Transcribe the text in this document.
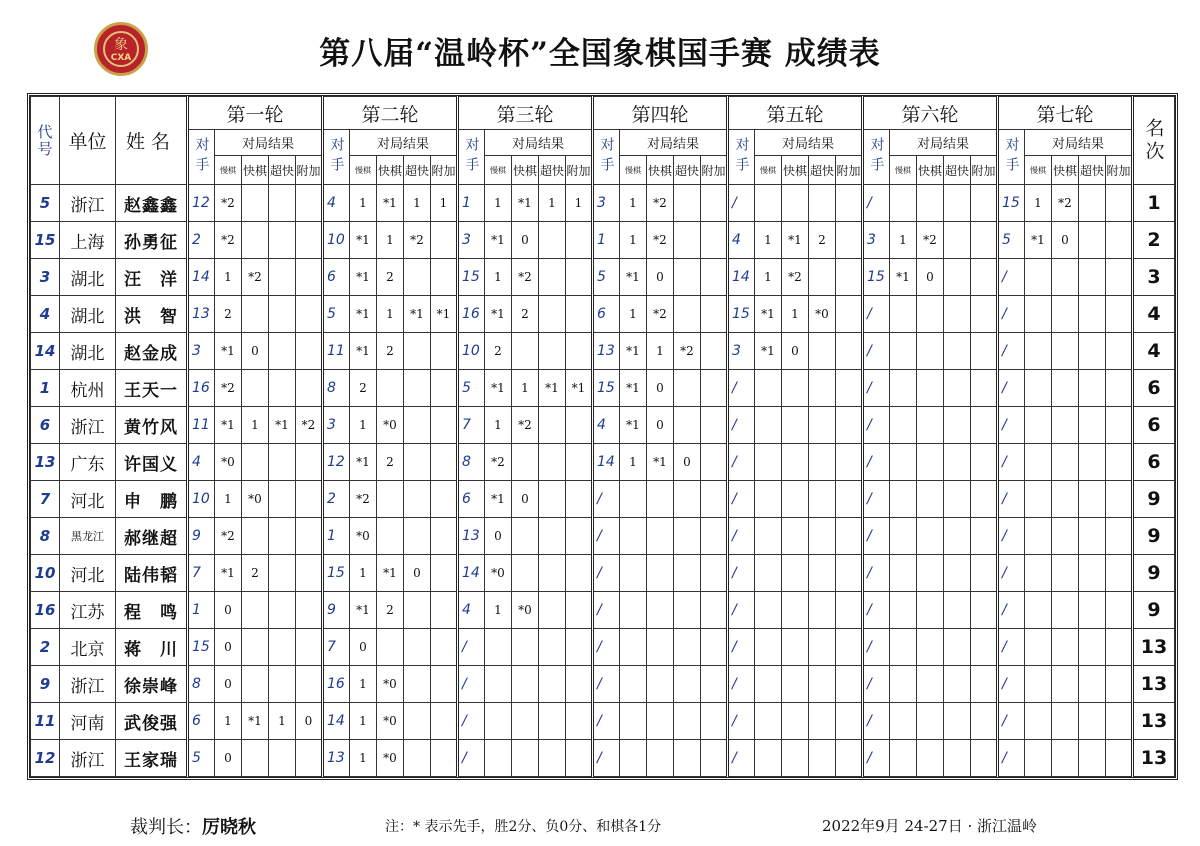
象
CXA	第八届“温岭杯”全国象棋国手赛 成绩表
代号	单位	姓名	第一轮					第二轮					第三轮					第四轮					第五轮					第六轮					第七轮					名次
			对手	对局结果				对手	对局结果				对手	对局结果				对手	对局结果				对手	对局结果				对手	对局结果				对手	对局结果				
				慢棋	快棋	超快	附加		慢棋	快棋	超快	附加		慢棋	快棋	超快	附加		慢棋	快棋	超快	附加		慢棋	快棋	超快	附加		慢棋	快棋	超快	附加		慢棋	快棋	超快	附加	
5	浙江	赵鑫鑫	12	*2				4	1	*1	1	1	1	1	*1	1	1	3	1	*2			/					/					15	1	*2			1
15	上海	孙勇征	2	*2				10	*1	1	*2		3	*1	0			1	1	*2			4	1	*1	2		3	1	*2			5	*1	0			2
3	湖北	汪　洋	14	1	*2			6	*1	2			15	1	*2			5	*1	0			14	1	*2			15	*1	0			/					3
4	湖北	洪　智	13	2				5	*1	1	*1	*1	16	*1	2			6	1	*2			15	*1	1	*0		/					/					4
14	湖北	赵金成	3	*1	0			11	*1	2			10	2				13	*1	1	*2		3	*1	0			/					/					4
1	杭州	王天一	16	*2				8	2				5	*1	1	*1	*1	15	*1	0			/					/					/					6
6	浙江	黄竹风	11	*1	1	*1	*2	3	1	*0			7	1	*2			4	*1	0			/					/					/					6
13	广东	许国义	4	*0				12	*1	2			8	*2				14	1	*1	0		/					/					/					6
7	河北	申　鹏	10	1	*0			2	*2				6	*1	0			/					/					/					/					9
8	黑龙江	郝继超	9	*2				1	*0				13	0				/					/					/					/					9
10	河北	陆伟韬	7	*1	2			15	1	*1	0		14	*0				/					/					/					/					9
16	江苏	程　鸣	1	0				9	*1	2			4	1	*0			/					/					/					/					9
2	北京	蒋　川	15	0				7	0				/					/					/					/					/					13
9	浙江	徐崇峰	8	0				16	1	*0			/					/					/					/					/					13
11	河南	武俊强	6	1	*1	1	0	14	1	*0			/					/					/					/					/					13
12	浙江	王家瑞	5	0				13	1	*0			/					/					/					/					/					13
裁判长：厉晓秋	注：* 表示先手，胜2分、负0分、和棋各1分	2022年9月 24-27日 · 浙江温岭
